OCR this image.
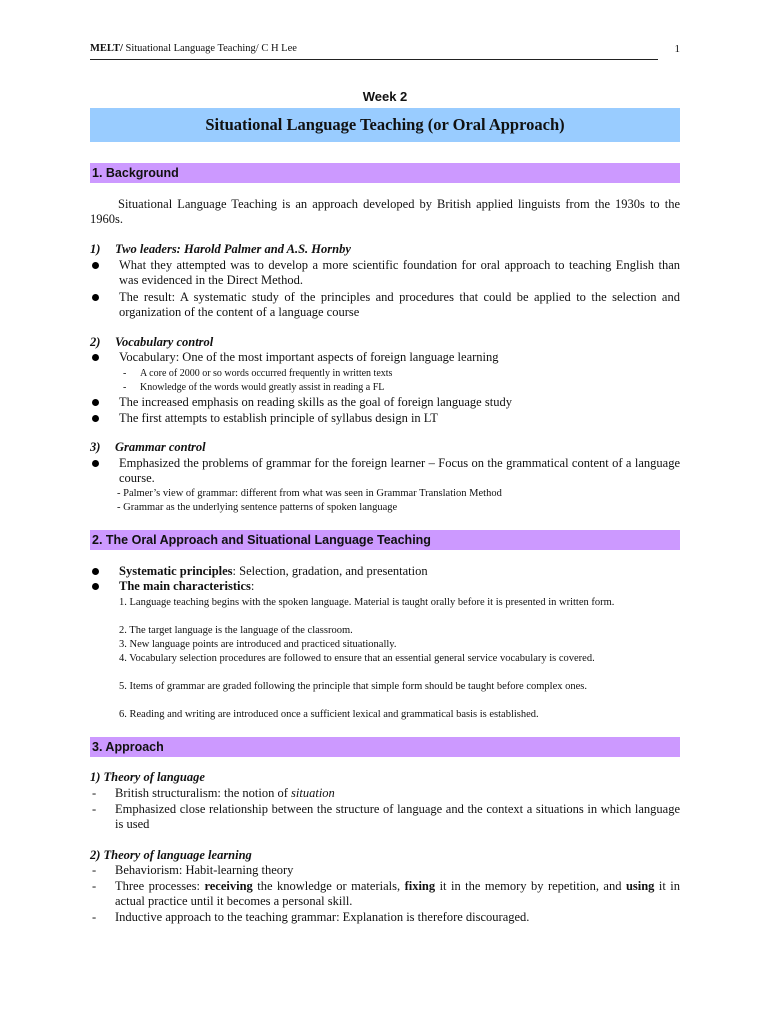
MELT/ Situational Language Teaching/ C H Lee	1
Week 2
Situational Language Teaching (or Oral Approach)
1. Background
Situational Language Teaching is an approach developed by British applied linguists from the 1930s to the 1960s.
1) Two leaders: Harold Palmer and A.S. Hornby
What they attempted was to develop a more scientific foundation for oral approach to teaching English than was evidenced in the Direct Method.
The result: A systematic study of the principles and procedures that could be applied to the selection and organization of the content of a language course
2) Vocabulary control
Vocabulary: One of the most important aspects of foreign language learning
- A core of 2000 or so words occurred frequently in written texts
- Knowledge of the words would greatly assist in reading a FL
The increased emphasis on reading skills as the goal of foreign language study
The first attempts to establish principle of syllabus design in LT
3) Grammar control
Emphasized the problems of grammar for the foreign learner – Focus on the grammatical content of a language course.
- Palmer’s view of grammar: different from what was seen in Grammar Translation Method
- Grammar as the underlying sentence patterns of spoken language
2. The Oral Approach and Situational Language Teaching
Systematic principles: Selection, gradation, and presentation
The main characteristics:
1. Language teaching begins with the spoken language. Material is taught orally before it is presented in written form.
2. The target language is the language of the classroom.
3. New language points are introduced and practiced situationally.
4. Vocabulary selection procedures are followed to ensure that an essential general service vocabulary is covered.
5. Items of grammar are graded following the principle that simple form should be taught before complex ones.
6. Reading and writing are introduced once a sufficient lexical and grammatical basis is established.
3. Approach
1) Theory of language
- British structuralism: the notion of situation
- Emphasized close relationship between the structure of language and the context a situations in which language is used
2) Theory of language learning
- Behaviorism: Habit-learning theory
- Three processes: receiving the knowledge or materials, fixing it in the memory by repetition, and using it in actual practice until it becomes a personal skill.
- Inductive approach to the teaching grammar: Explanation is therefore discouraged.
